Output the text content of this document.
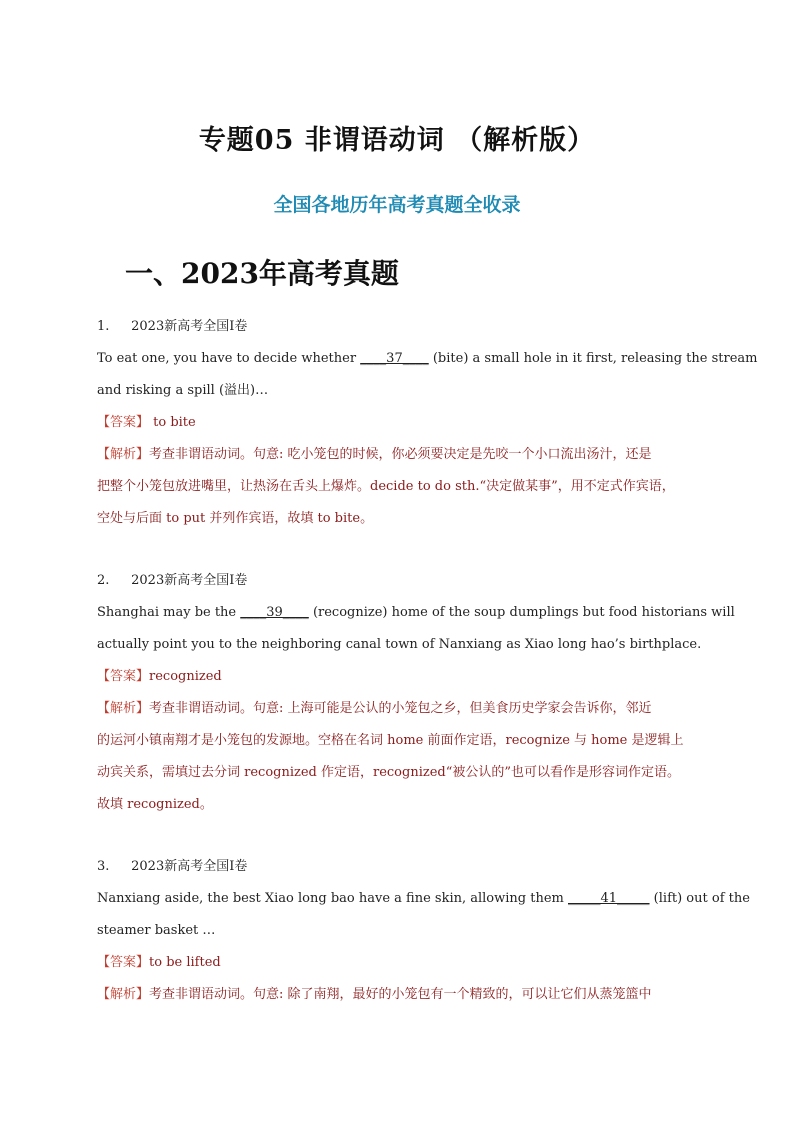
专题05 非谓语动词 （解析版）
全国各地历年高考真题全收录
一、2023年高考真题
1. 2023新高考全国I卷
To eat one, you have to decide whether ____37____ (bite) a small hole in it first, releasing the stream
and risking a spill (溢出)…
【答案】 to bite
【解析】考查非谓语动词。句意: 吃小笼包的时候，你必须要决定是先咬一个小口流出汤汁，还是
把整个小笼包放进嘴里，让热汤在舌头上爆炸。decide to do sth.“决定做某事”，用不定式作宾语，
空处与后面 to put 并列作宾语，故填 to bite。
2. 2023新高考全国I卷
Shanghai may be the ____39____ (recognize) home of the soup dumplings but food historians will
actually point you to the neighboring canal town of Nanxiang as Xiao long hao’s birthplace.
【答案】recognized
【解析】考查非谓语动词。句意: 上海可能是公认的小笼包之乡，但美食历史学家会告诉你，邻近
的运河小镇南翔才是小笼包的发源地。空格在名词 home 前面作定语，recognize 与 home 是逻辑上
动宾关系，需填过去分词 recognized 作定语，recognized“被公认的”也可以看作是形容词作定语。
故填 recognized。
3. 2023新高考全国I卷
Nanxiang aside, the best Xiao long bao have a fine skin, allowing them _____41_____ (lift) out of the
steamer basket …
【答案】to be lifted
【解析】考查非谓语动词。句意: 除了南翔，最好的小笼包有一个精致的，可以让它们从蒸笼篮中
